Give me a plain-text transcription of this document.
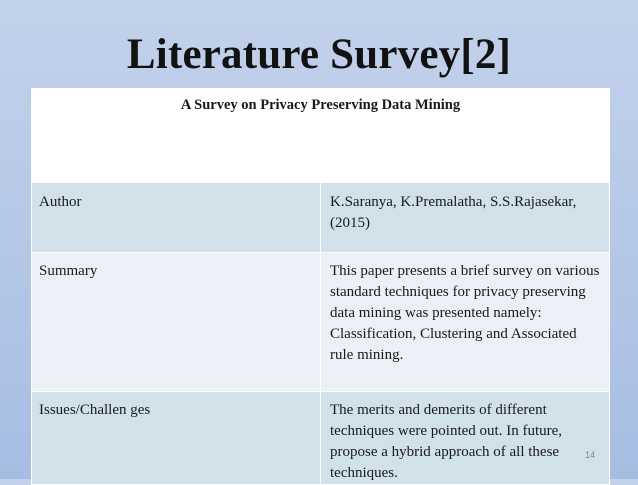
Literature Survey[2]
A Survey on Privacy Preserving Data Mining	

Author	K.Saranya, K.Premalatha, S.S.Rajasekar, (2015)
Summary	This paper presents a brief survey on various standard techniques for privacy preserving data mining was presented namely: Classification, Clustering and Associated rule mining.
Issues/Challen ges	The merits and demerits of different techniques were pointed out. In future, propose a hybrid approach of all these techniques.
14
